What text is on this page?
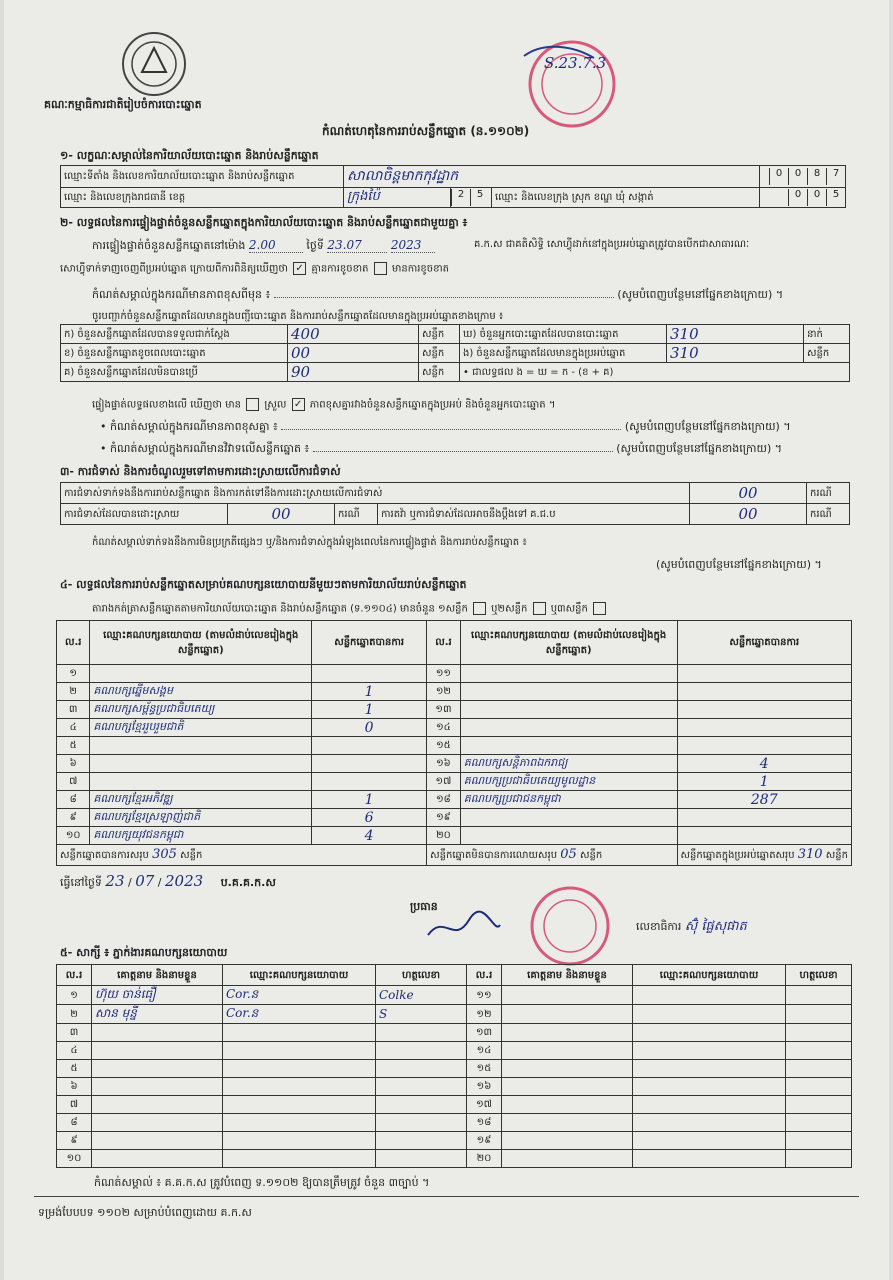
គណៈកម្មាធិការជាតិរៀបចំការបោះឆ្នោត
កំណត់ហេតុនៃការរាប់សន្លឹកឆ្នោត (ន.១១០២)
S.23.7.3
១- លក្ខណៈសម្គាល់នៃការិយាល័យបោះឆ្នោត និងរាប់សន្លឹកឆ្នោត
ឈ្មោះទីតាំង និងលេខការិយាល័យបោះឆ្នោត និងរាប់សន្លឹកឆ្នោត	សាលាចិន្តមាកកុវដ្ឋាក			0 0 8 7
ឈ្មោះ និងលេខក្រុងរាជធានី ខេត្ត	ក្រុងប៉ៃ	2 5	ឈ្មោះ និងលេខក្រុង ស្រុក ខណ្ឌ ឃុំ សង្កាត់	0 0 5
២- លទ្ធផលនៃការផ្ទៀងផ្ទាត់ចំនួនសន្លឹកឆ្នោតក្នុងការិយាល័យបោះឆ្នោត និងរាប់សន្លឹកឆ្នោតជាមួយគ្នា ៖
ការផ្ទៀងផ្ទាត់ចំនួនសន្លឹកឆ្នោតនៅម៉ោង 2.00	ថ្ងៃទី 23.07 2023	គ.ក.ស ជាគតិសិទ្ធិ សោហ្វុីដាក់នៅក្នុងប្រអប់ឆ្នោតត្រូវបានបើកជាសាធារណៈ
សោហ្វុីទាក់ទាញចេញពីប្រអប់ឆ្នោត ក្រោយពីការពិនិត្យឃើញថា ✓ គ្មានការខូចខាត មានការខូចខាត
កំណត់សម្គាល់ក្នុងករណីមានភាពខុសពីមុន ៖	(សូមបំពេញបន្ថែមនៅផ្នែកខាងក្រោយ) ។
ចូរបញ្ជាក់ចំនួនសន្លឹកឆ្នោតដែលមានក្នុងបញ្ជីបោះឆ្នោត និងការរាប់សន្លឹកឆ្នោតដែលមានក្នុងប្រអប់ឆ្នោតខាងក្រោម ៖
ក) ចំនួនសន្លឹកឆ្នោតដែលបានទទួលជាក់ស្តែង	400	សន្លឹក	ឃ) ចំនួនអ្នកបោះឆ្នោតដែលបានបោះឆ្នោត	310	នាក់
ខ) ចំនួនសន្លឹកឆ្នោតខូចពេលបោះឆ្នោត	00	សន្លឹក	ង) ចំនួនសន្លឹកឆ្នោតដែលមានក្នុងប្រអប់ឆ្នោត	310	សន្លឹក
គ) ចំនួនសន្លឹកឆ្នោតដែលមិនបានប្រើ	90	សន្លឹក	• ជាលទ្ធផល ង = ឃ = ក - (ខ + គ)		
ផ្ទៀងផ្ទាត់លទ្ធផលខាងលើ ឃើញថា មាន ស្រួល ✓ ភាពខុសគ្នារវាងចំនួនសន្លឹកឆ្នោតក្នុងប្រអប់ និងចំនួនអ្នកបោះឆ្នោត ។
• កំណត់សម្គាល់ក្នុងករណីមានភាពខុសគ្នា ៖	(សូមបំពេញបន្ថែមនៅផ្នែកខាងក្រោយ) ។
• កំណត់សម្គាល់ក្នុងករណីមានវិវាទលើសន្លឹកឆ្នោត ៖	(សូមបំពេញបន្ថែមនៅផ្នែកខាងក្រោយ) ។
៣- ការជំទាស់ និងការចំណូលរួមទៅតាមការដោះស្រាយលើការជំទាស់
ការជំទាស់ទាក់ទងនឹងការរាប់សន្លឹកឆ្នោត និងការកត់ទៅនឹងការដោះស្រាយលើការជំទាស់				00	ករណី
ការជំទាស់ដែលបានដោះស្រាយ	00	ករណី	ការតវ៉ា ឬការជំទាស់ដែលអាចនឹងប្តឹងទៅ គ.ជ.ប	00	ករណី
កំណត់សម្គាល់ទាក់ទងនឹងការមិនប្រក្រតីផ្សេងៗ ឬ/និងការជំទាស់ក្នុងអំឡុងពេលនៃការផ្ទៀងផ្ទាត់ និងការរាប់សន្លឹកឆ្នោត ៖
(សូមបំពេញបន្ថែមនៅផ្នែកខាងក្រោយ) ។
៤- លទ្ធផលនៃការរាប់សន្លឹកឆ្នោតសម្រាប់គណបក្សនយោបាយនីមួយៗតាមការិយាល័យរាប់សន្លឹកឆ្នោត
តារាងកត់ត្រាសន្លឹកឆ្នោតតាមការិយាល័យបោះឆ្នោត និងរាប់សន្លឹកឆ្នោត (ទ.១១០៤) មានចំនួន ១សន្លឹក ឬ២សន្លឹក ឬ៣សន្លឹក
ល.រ	ឈ្មោះគណបក្សនយោបាយ (តាមលំដាប់លេខរៀងក្នុងសន្លឹកឆ្នោត)	សន្លឹកឆ្នោតបានការ	ល.រ	ឈ្មោះគណបក្សនយោបាយ (តាមលំដាប់លេខរៀងក្នុងសន្លឹកឆ្នោត)	សន្លឹកឆ្នោតបានការ
១			១១		
២	គណបក្សឆ្នើមសង្គម	1	១២		
៣	គណបក្សសម្ព័ន្ធប្រជាធិបតេយ្យ	1	១៣		
៤	គណបក្សខ្មែររួបរួមជាតិ	0	១៤		
៥			១៥		
៦			១៦	គណបក្សសន្តិភាពឯករាជ្យ	4
៧			១៧	គណបក្សប្រជាធិបតេយ្យមូលដ្ឋាន	1
៨	គណបក្សខ្មែរអភិវឌ្ឍ	1	១៨	គណបក្សប្រជាជនកម្ពុជា	287
៩	គណបក្សខ្មែរស្រឡាញ់ជាតិ	6	១៩		
១០	គណបក្សយុវជនកម្ពុជា	4	២០		
សន្លឹកឆ្នោតបានការសរុប 305 សន្លឹក			សន្លឹកឆ្នោតមិនបានការលោយសរុប 05 សន្លឹក		សន្លឹកឆ្នោតក្នុងប្រអប់ឆ្នោតសរុប 310 សន្លឹក
ធ្វើនៅថ្ងៃទី 23 / 07 / 2023 ប.គ.គ.ក.ស
ប្រធាន
លេខាធិការ ស៊ុំ ផ្លៃសុផាត
៥- សាក្សី ៖ ភ្នាក់ងារគណបក្សនយោបាយ
ល.រ	គោត្តនាម និងនាមខ្លួន	ឈ្មោះគណបក្សនយោបាយ	ហត្ថលេខា	ល.រ	គោត្តនាម និងនាមខ្លួន	ឈ្មោះគណបក្សនយោបាយ	ហត្ថលេខា
១	ហ៊ុយ ចាន់ធឿ	Cor.ន	Colke	១១			
២	សាន មុន្នី	Cor.ន	S	១២			
៣				១៣			
៤				១៤			
៥				១៥			
៦				១៦			
៧				១៧			
៨				១៨			
៩				១៩			
១០				២០			
កំណត់សម្គាល់ ៖ គ.គ.ក.ស ត្រូវបំពេញ ទ.១១០២ ឱ្យបានត្រឹមត្រូវ ចំនួន ៣ច្បាប់ ។
ទម្រង់បែបបទ ១១០២ សម្រាប់បំពេញដោយ គ.ក.ស
